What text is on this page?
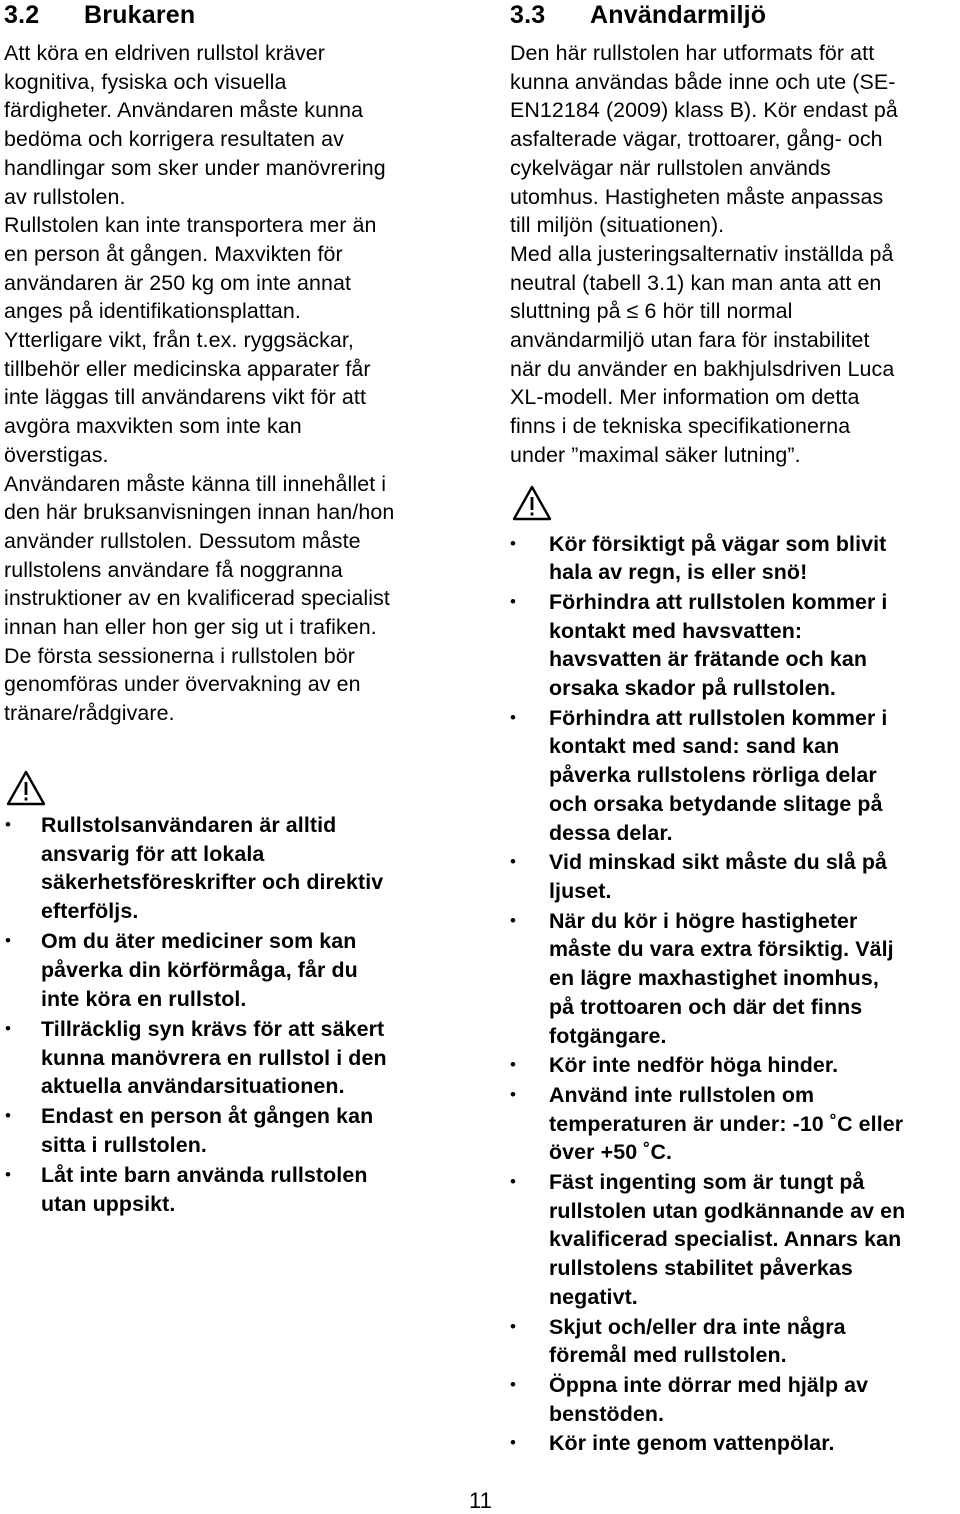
3.2 Brukaren
Att köra en eldriven rullstol kräver
kognitiva, fysiska och visuella
färdigheter. Användaren måste kunna
bedöma och korrigera resultaten av
handlingar som sker under manövrering
av rullstolen.
Rullstolen kan inte transportera mer än
en person åt gången. Maxvikten för
användaren är 250 kg om inte annat
anges på identifikationsplattan.
Ytterligare vikt, från t.ex. ryggsäckar,
tillbehör eller medicinska apparater får
inte läggas till användarens vikt för att
avgöra maxvikten som inte kan
överstigas.
Användaren måste känna till innehållet i
den här bruksanvisningen innan han/hon
använder rullstolen. Dessutom måste
rullstolens användare få noggranna
instruktioner av en kvalificerad specialist
innan han eller hon ger sig ut i trafiken.
De första sessionerna i rullstolen bör
genomföras under övervakning av en
tränare/rådgivare.
• Rullstolsanvändaren är alltid
ansvarig för att lokala
säkerhetsföreskrifter och direktiv
efterföljs.
• Om du äter mediciner som kan
påverka din körförmåga, får du
inte köra en rullstol.
• Tillräcklig syn krävs för att säkert
kunna manövrera en rullstol i den
aktuella användarsituationen.
• Endast en person åt gången kan
sitta i rullstolen.
• Låt inte barn använda rullstolen
utan uppsikt.
3.3 Användarmiljö
Den här rullstolen har utformats för att
kunna användas både inne och ute (SE-
EN12184 (2009) klass B). Kör endast på
asfalterade vägar, trottoarer, gång- och
cykelvägar när rullstolen används
utomhus. Hastigheten måste anpassas
till miljön (situationen).
Med alla justeringsalternativ inställda på
neutral (tabell 3.1) kan man anta att en
sluttning på ≤ 6 hör till normal
användarmiljö utan fara för instabilitet
när du använder en bakhjulsdriven Luca
XL-modell. Mer information om detta
finns i de tekniska specifikationerna
under ”maximal säker lutning”.
• Kör försiktigt på vägar som blivit
hala av regn, is eller snö!
• Förhindra att rullstolen kommer i
kontakt med havsvatten:
havsvatten är frätande och kan
orsaka skador på rullstolen.
• Förhindra att rullstolen kommer i
kontakt med sand: sand kan
påverka rullstolens rörliga delar
och orsaka betydande slitage på
dessa delar.
• Vid minskad sikt måste du slå på
ljuset.
• När du kör i högre hastigheter
måste du vara extra försiktig. Välj
en lägre maxhastighet inomhus,
på trottoaren och där det finns
fotgängare.
• Kör inte nedför höga hinder.
• Använd inte rullstolen om
temperaturen är under: -10 ˚C eller
över +50 ˚C.
• Fäst ingenting som är tungt på
rullstolen utan godkännande av en
kvalificerad specialist. Annars kan
rullstolens stabilitet påverkas
negativt.
• Skjut och/eller dra inte några
föremål med rullstolen.
• Öppna inte dörrar med hjälp av
benstöden.
• Kör inte genom vattenpölar.
11
